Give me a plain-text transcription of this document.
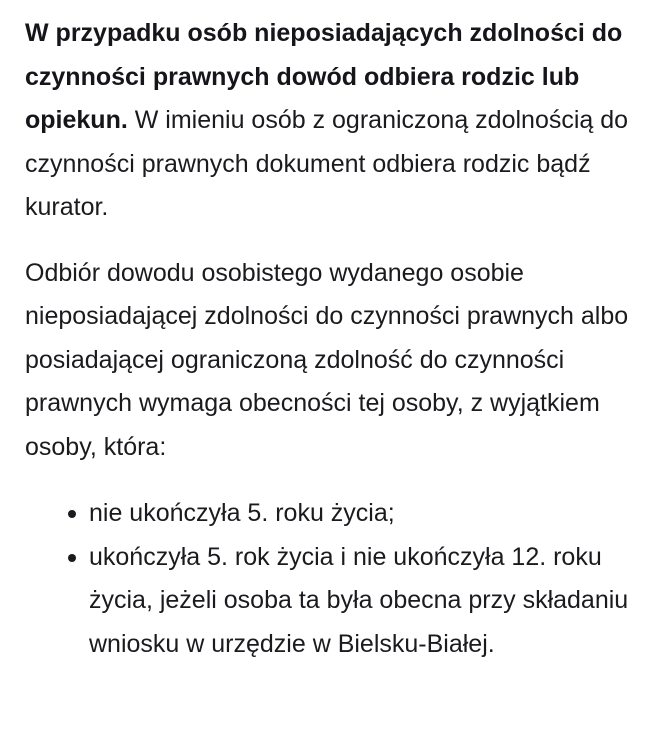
W przypadku osób nieposiadających zdolności do czynności prawnych dowód odbiera rodzic lub opiekun. W imieniu osób z ograniczoną zdolnością do czynności prawnych dokument odbiera rodzic bądź kurator.

Odbiór dowodu osobistego wydanego osobie nieposiadającej zdolności do czynności prawnych albo posiadającej ograniczoną zdolność do czynności prawnych wymaga obecności tej osoby, z wyjątkiem osoby, która:

nie ukończyła 5. roku życia;
ukończyła 5. rok życia i nie ukończyła 12. roku życia, jeżeli osoba ta była obecna przy składaniu wniosku w urzędzie w Bielsku-Białej.
